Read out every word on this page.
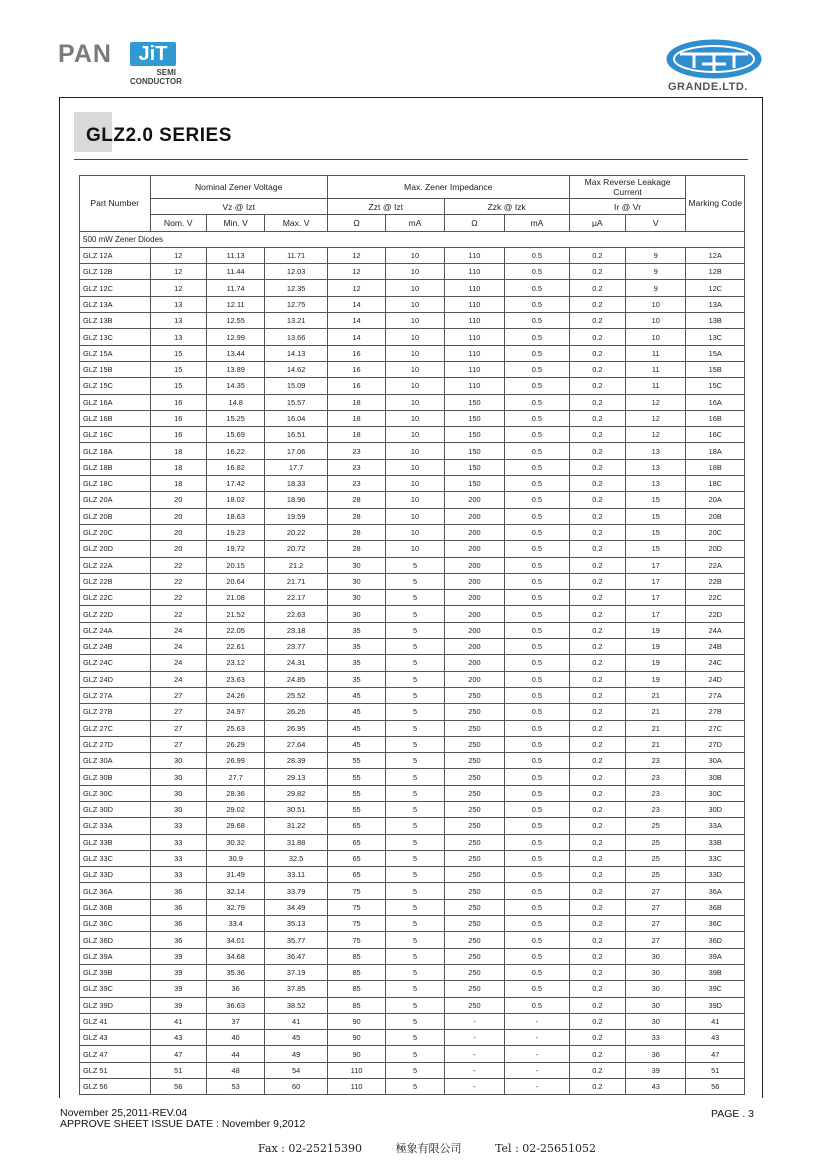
PAN	JiT
SEMI
CONDUCTOR	GRANDE.LTD.
GLZ2.0 SERIES
Part Number	Nominal Zener Voltage			Max. Zener Impedance				Max Reverse Leakage Current		Marking Code
	Vz @ Izt			Zzt @ Izt		Zzk @ Izk		Ir @ Vr		
	Nom. V	Min. V	Max. V	Ω	mA	Ω	mA	μA	V	
500 mW Zener Diodes										
GLZ 12A	12	11.13	11.71	12	10	110	0.5	0.2	9	12A
GLZ 12B	12	11.44	12.03	12	10	110	0.5	0.2	9	12B
GLZ 12C	12	11.74	12.35	12	10	110	0.5	0.2	9	12C
GLZ 13A	13	12.11	12.75	14	10	110	0.5	0.2	10	13A
GLZ 13B	13	12.55	13.21	14	10	110	0.5	0.2	10	13B
GLZ 13C	13	12.99	13.66	14	10	110	0.5	0.2	10	13C
GLZ 15A	15	13.44	14.13	16	10	110	0.5	0.2	11	15A
GLZ 15B	15	13.89	14.62	16	10	110	0.5	0.2	11	15B
GLZ 15C	15	14.35	15.09	16	10	110	0.5	0.2	11	15C
GLZ 16A	16	14.8	15.57	18	10	150	0.5	0.2	12	16A
GLZ 16B	16	15.25	16.04	18	10	150	0.5	0.2	12	16B
GLZ 16C	16	15.69	16.51	18	10	150	0.5	0.2	12	16C
GLZ 18A	18	16.22	17.06	23	10	150	0.5	0.2	13	18A
GLZ 18B	18	16.82	17.7	23	10	150	0.5	0.2	13	18B
GLZ 18C	18	17.42	18.33	23	10	150	0.5	0.2	13	18C
GLZ 20A	20	18.02	18.96	28	10	200	0.5	0.2	15	20A
GLZ 20B	20	18.63	19.59	28	10	200	0.5	0.2	15	20B
GLZ 20C	20	19.23	20.22	28	10	200	0.5	0.2	15	20C
GLZ 20D	20	19.72	20.72	28	10	200	0.5	0.2	15	20D
GLZ 22A	22	20.15	21.2	30	5	200	0.5	0.2	17	22A
GLZ 22B	22	20.64	21.71	30	5	200	0.5	0.2	17	22B
GLZ 22C	22	21.08	22.17	30	5	200	0.5	0.2	17	22C
GLZ 22D	22	21.52	22.63	30	5	200	0.5	0.2	17	22D
GLZ 24A	24	22.05	23.18	35	5	200	0.5	0.2	19	24A
GLZ 24B	24	22.61	23.77	35	5	200	0.5	0.2	19	24B
GLZ 24C	24	23.12	24.31	35	5	200	0.5	0.2	19	24C
GLZ 24D	24	23.63	24.85	35	5	200	0.5	0.2	19	24D
GLZ 27A	27	24.26	25.52	45	5	250	0.5	0.2	21	27A
GLZ 27B	27	24.97	26.26	45	5	250	0.5	0.2	21	27B
GLZ 27C	27	25.63	26.95	45	5	250	0.5	0.2	21	27C
GLZ 27D	27	26.29	27.64	45	5	250	0.5	0.2	21	27D
GLZ 30A	30	26.99	28.39	55	5	250	0.5	0.2	23	30A
GLZ 30B	30	27.7	29.13	55	5	250	0.5	0.2	23	30B
GLZ 30C	30	28.36	29.82	55	5	250	0.5	0.2	23	30C
GLZ 30D	30	29.02	30.51	55	5	250	0.5	0.2	23	30D
GLZ 33A	33	29.68	31.22	65	5	250	0.5	0.2	25	33A
GLZ 33B	33	30.32	31.88	65	5	250	0.5	0.2	25	33B
GLZ 33C	33	30.9	32.5	65	5	250	0.5	0.2	25	33C
GLZ 33D	33	31.49	33.11	65	5	250	0.5	0.2	25	33D
GLZ 36A	36	32.14	33.79	75	5	250	0.5	0.2	27	36A
GLZ 36B	36	32.79	34.49	75	5	250	0.5	0.2	27	36B
GLZ 36C	36	33.4	35.13	75	5	250	0.5	0.2	27	36C
GLZ 36D	36	34.01	35.77	75	5	250	0.5	0.2	27	36D
GLZ 39A	39	34.68	36.47	85	5	250	0.5	0.2	30	39A
GLZ 39B	39	35.36	37.19	85	5	250	0.5	0.2	30	39B
GLZ 39C	39	36	37.85	85	5	250	0.5	0.2	30	39C
GLZ 39D	39	36.63	38.52	85	5	250	0.5	0.2	30	39D
GLZ 41	41	37	41	90	5	-	-	0.2	30	41
GLZ 43	43	40	45	90	5	-	-	0.2	33	43
GLZ 47	47	44	49	90	5	-	-	0.2	36	47
GLZ 51	51	48	54	110	5	-	-	0.2	39	51
GLZ 56	56	53	60	110	5	-	-	0.2	43	56
November 25,2011-REV.04
APPROVE SHEET ISSUE DATE : November 9,2012
PAGE . 3
Fax : 02-25215390	極象有限公司	Tel : 02-25651052
